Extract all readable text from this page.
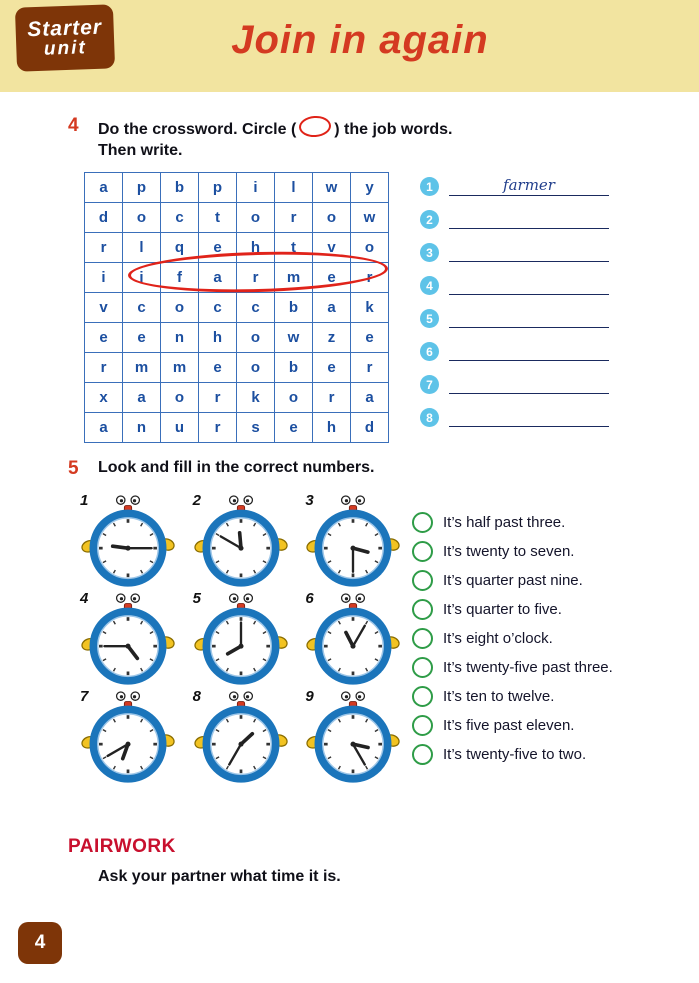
Starter
unit	Join in again
4 Do the crossword. Circle ( ) the job words.
Then write.
a	p	b	p	i	l	w	y
d	o	c	t	o	r	o	w
r	l	q	e	h	t	v	o
i	i	f	a	r	m	e	r
v	c	o	c	c	b	a	k
e	e	n	h	o	w	z	e
r	m	m	e	o	b	e	r
x	a	o	r	k	o	r	a
a	n	u	r	s	e	h	d
1	farmer
2
3
4
5
6
7
8
5 Look and fill in the correct numbers.
1	2	3
4	5	6
7	8	9
It’s half past three.
It’s twenty to seven.
It’s quarter past nine.
It’s quarter to five.
It’s eight o’clock.
It’s twenty-five past three.
It’s ten to twelve.
It’s five past eleven.
It’s twenty-five to two.
PAIRWORK
Ask your partner what time it is.
4
